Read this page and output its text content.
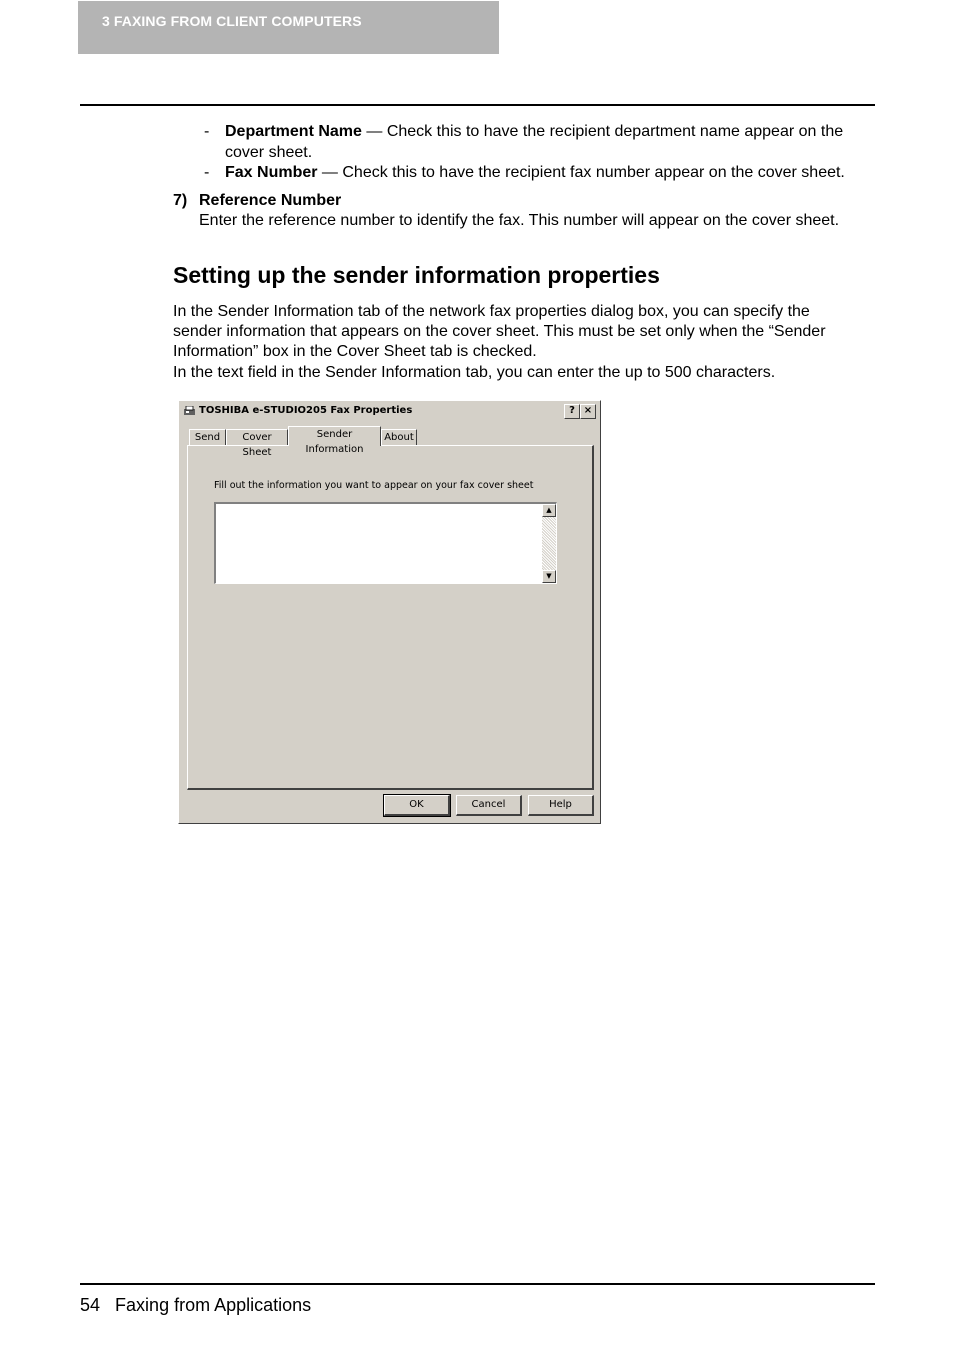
3 FAXING FROM CLIENT COMPUTERS
- Department Name — Check this to have the recipient department name appear on the
cover sheet.
- Fax Number — Check this to have the recipient fax number appear on the cover sheet.
7) Reference Number
Enter the reference number to identify the fax. This number will appear on the cover sheet.
Setting up the sender information properties
In the Sender Information tab of the network fax properties dialog box, you can specify the
sender information that appears on the cover sheet. This must be set only when the “Sender
Information” box in the Cover Sheet tab is checked.
In the text field in the Sender Information tab, you can enter the up to 500 characters.
TOSHIBA e-STUDIO205 Fax Properties	? ×
Send	Cover Sheet
Sender Information
About
Fill out the information you want to appear on your fax cover sheet
▲
▼
OK	Cancel	Help
54 Faxing from Applications
